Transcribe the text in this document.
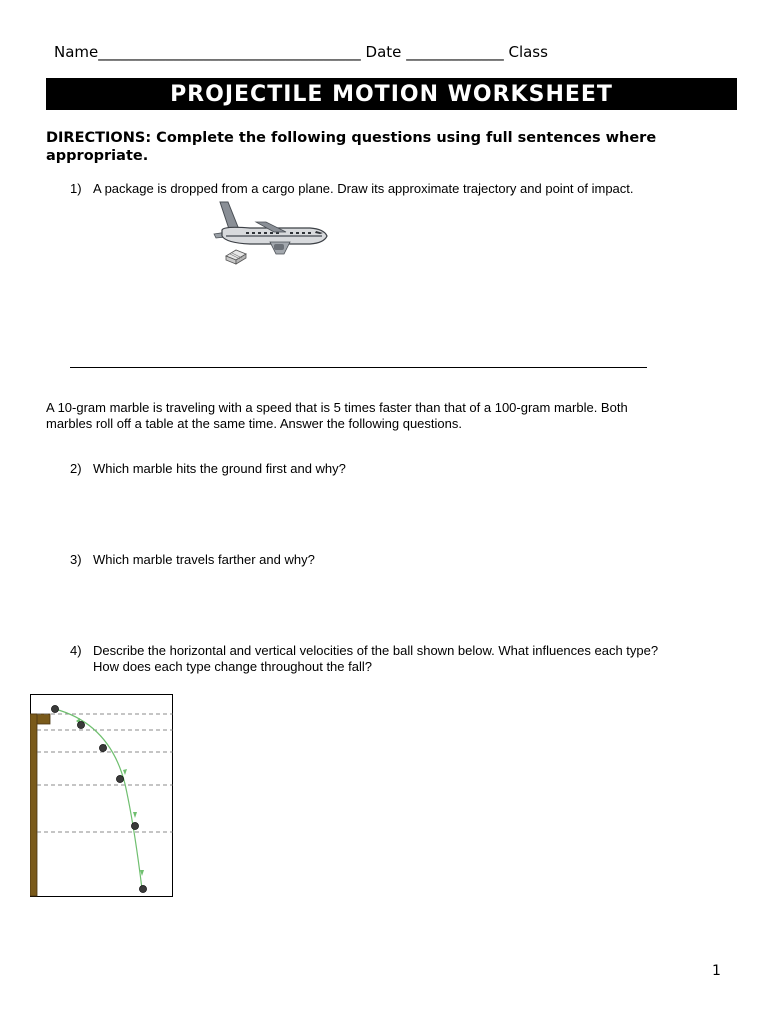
Name___________________________________ Date _____________ Class
PROJECTILE MOTION WORKSHEET
DIRECTIONS: Complete the following questions using full sentences where appropriate.
1) A package is dropped from a cargo plane. Draw its approximate trajectory and point of impact.
A 10-gram marble is traveling with a speed that is 5 times faster than that of a 100-gram marble. Both
marbles roll off a table at the same time. Answer the following questions.
2) Which marble hits the ground first and why?
3) Which marble travels farther and why?
4) Describe the horizontal and vertical velocities of the ball shown below. What influences each type?
How does each type change throughout the fall?
1
